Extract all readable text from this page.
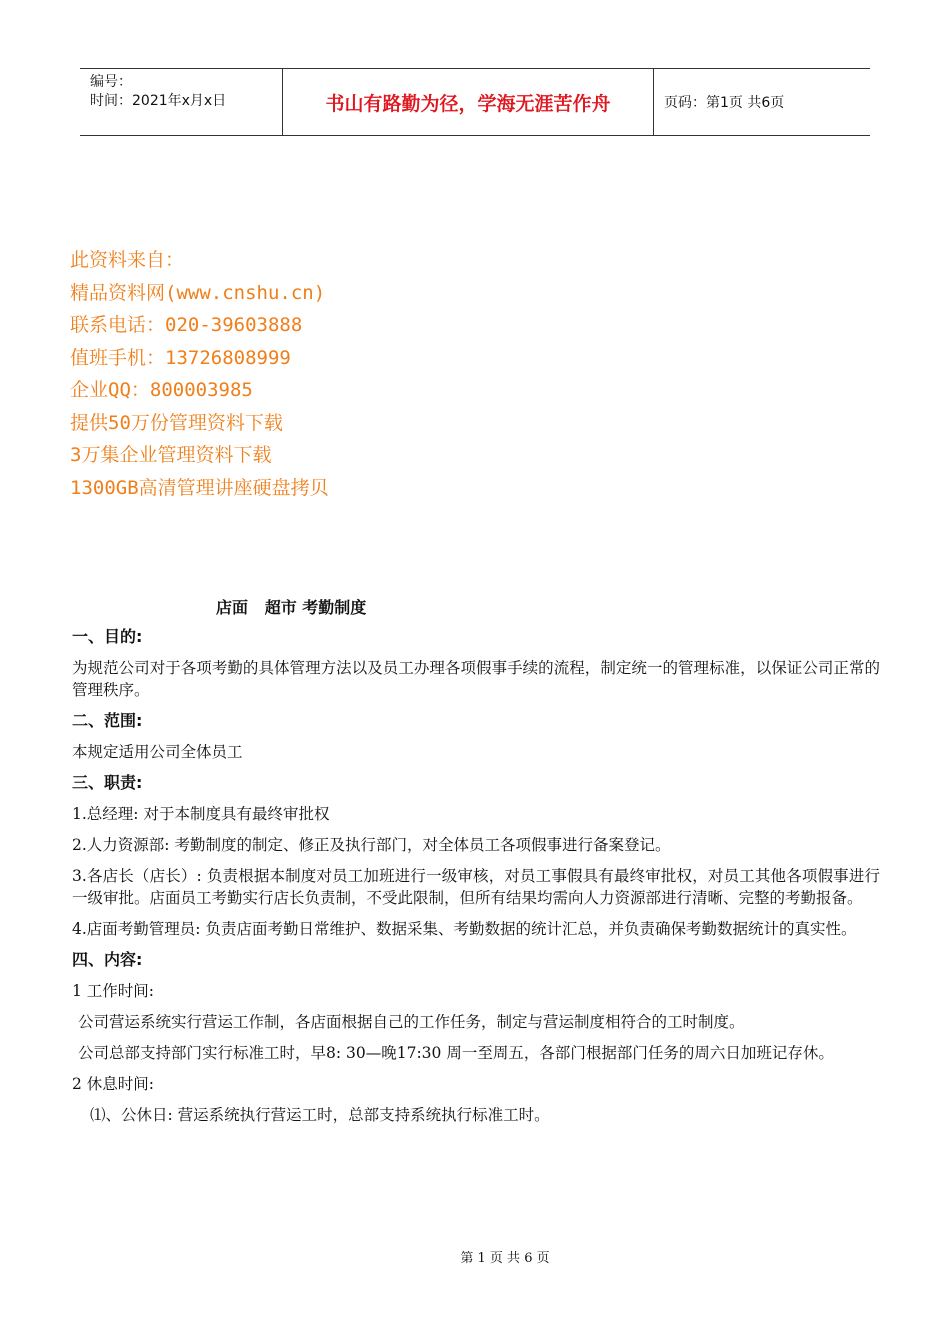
编号：
时间：2021年x月x日	书山有路勤为径，学海无涯苦作舟	页码：第1页 共6页
此资料来自：
精品资料网(www.cnshu.cn)
联系电话：020-39603888
值班手机：13726808999
企业QQ：800003985
提供50万份管理资料下载
3万集企业管理资料下载
1300GB高清管理讲座硬盘拷贝
店面   超市 考勤制度
一、目的:
为规范公司对于各项考勤的具体管理方法以及员工办理各项假事手续的流程，制定统一的管理标准，以保证公司正常的管理秩序。
二、范围:
本规定适用公司全体员工
三、职责:
1.总经理: 对于本制度具有最终审批权
2.人力资源部: 考勤制度的制定、修正及执行部门，对全体员工各项假事进行备案登记。
3.各店长（店长）: 负责根据本制度对员工加班进行一级审核，对员工事假具有最终审批权，对员工其他各项假事进行一级审批。店面员工考勤实行店长负责制，不受此限制，但所有结果均需向人力资源部进行清晰、完整的考勤报备。
4.店面考勤管理员: 负责店面考勤日常维护、数据采集、考勤数据的统计汇总，并负责确保考勤数据统计的真实性。
四、内容:
1 工作时间:
公司营运系统实行营运工作制，各店面根据自己的工作任务，制定与营运制度相符合的工时制度。
公司总部支持部门实行标准工时，早8: 30—晚17:30 周一至周五，各部门根据部门任务的周六日加班记存休。
2 休息时间:
⑴、公休日: 营运系统执行营运工时，总部支持系统执行标准工时。
第 1 页 共 6 页
